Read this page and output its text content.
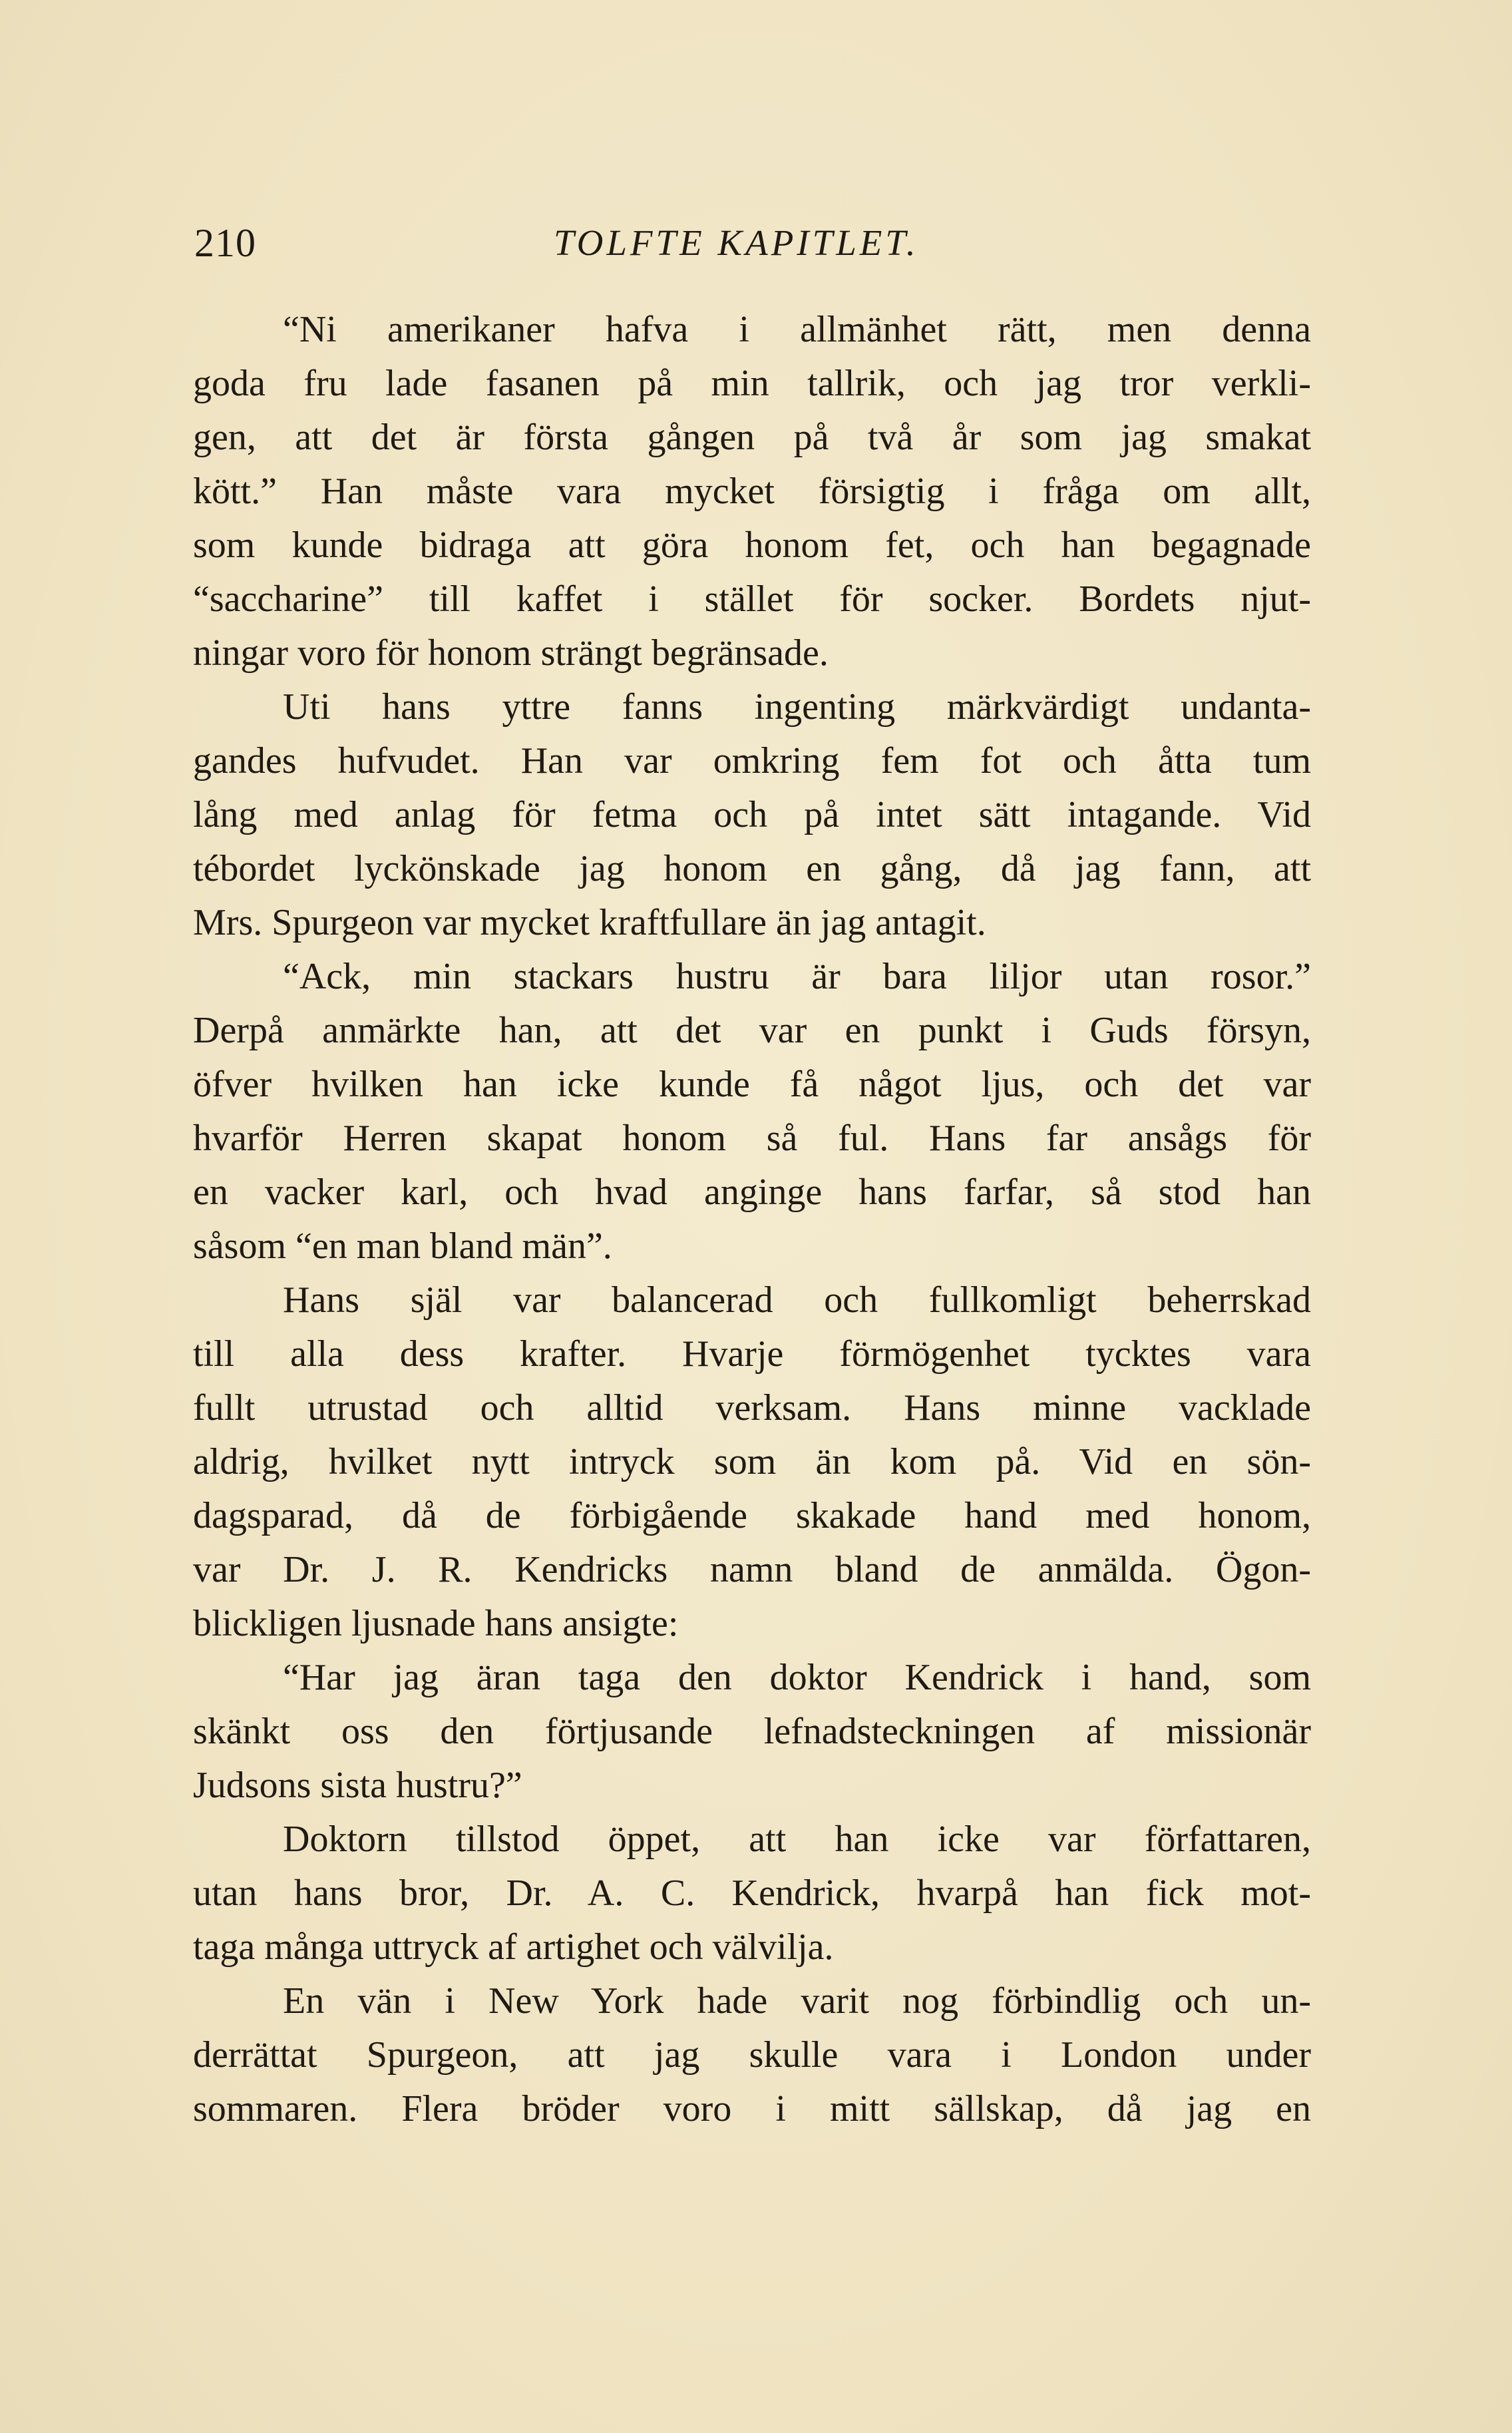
210	TOLFTE KAPITLET.
“Ni amerikaner hafva i allmänhet rätt, men denna
goda fru lade fasanen på min tallrik, och jag tror verkli-
gen, att det är första gången på två år som jag smakat
kött.” Han måste vara mycket försigtig i fråga om allt,
som kunde bidraga att göra honom fet, och han begagnade
“saccharine” till kaffet i stället för socker. Bordets njut-
ningar voro för honom strängt begränsade.
Uti hans yttre fanns ingenting märkvärdigt undanta-
gandes hufvudet. Han var omkring fem fot och åtta tum
lång med anlag för fetma och på intet sätt intagande. Vid
tébordet lyckönskade jag honom en gång, då jag fann, att
Mrs. Spurgeon var mycket kraftfullare än jag antagit.
“Ack, min stackars hustru är bara liljor utan rosor.”
Derpå anmärkte han, att det var en punkt i Guds försyn,
öfver hvilken han icke kunde få något ljus, och det var
hvarför Herren skapat honom så ful. Hans far ansågs för
en vacker karl, och hvad anginge hans farfar, så stod han
såsom “en man bland män”.
Hans själ var balancerad och fullkomligt beherrskad
till alla dess krafter. Hvarje förmögenhet tycktes vara
fullt utrustad och alltid verksam. Hans minne vacklade
aldrig, hvilket nytt intryck som än kom på. Vid en sön-
dagsparad, då de förbigående skakade hand med honom,
var Dr. J. R. Kendricks namn bland de anmälda. Ögon-
blickligen ljusnade hans ansigte:
“Har jag äran taga den doktor Kendrick i hand, som
skänkt oss den förtjusande lefnadsteckningen af missionär
Judsons sista hustru?”
Doktorn tillstod öppet, att han icke var författaren,
utan hans bror, Dr. A. C. Kendrick, hvarpå han fick mot-
taga många uttryck af artighet och välvilja.
En vän i New York hade varit nog förbindlig och un-
derrättat Spurgeon, att jag skulle vara i London under
sommaren. Flera bröder voro i mitt sällskap, då jag en
